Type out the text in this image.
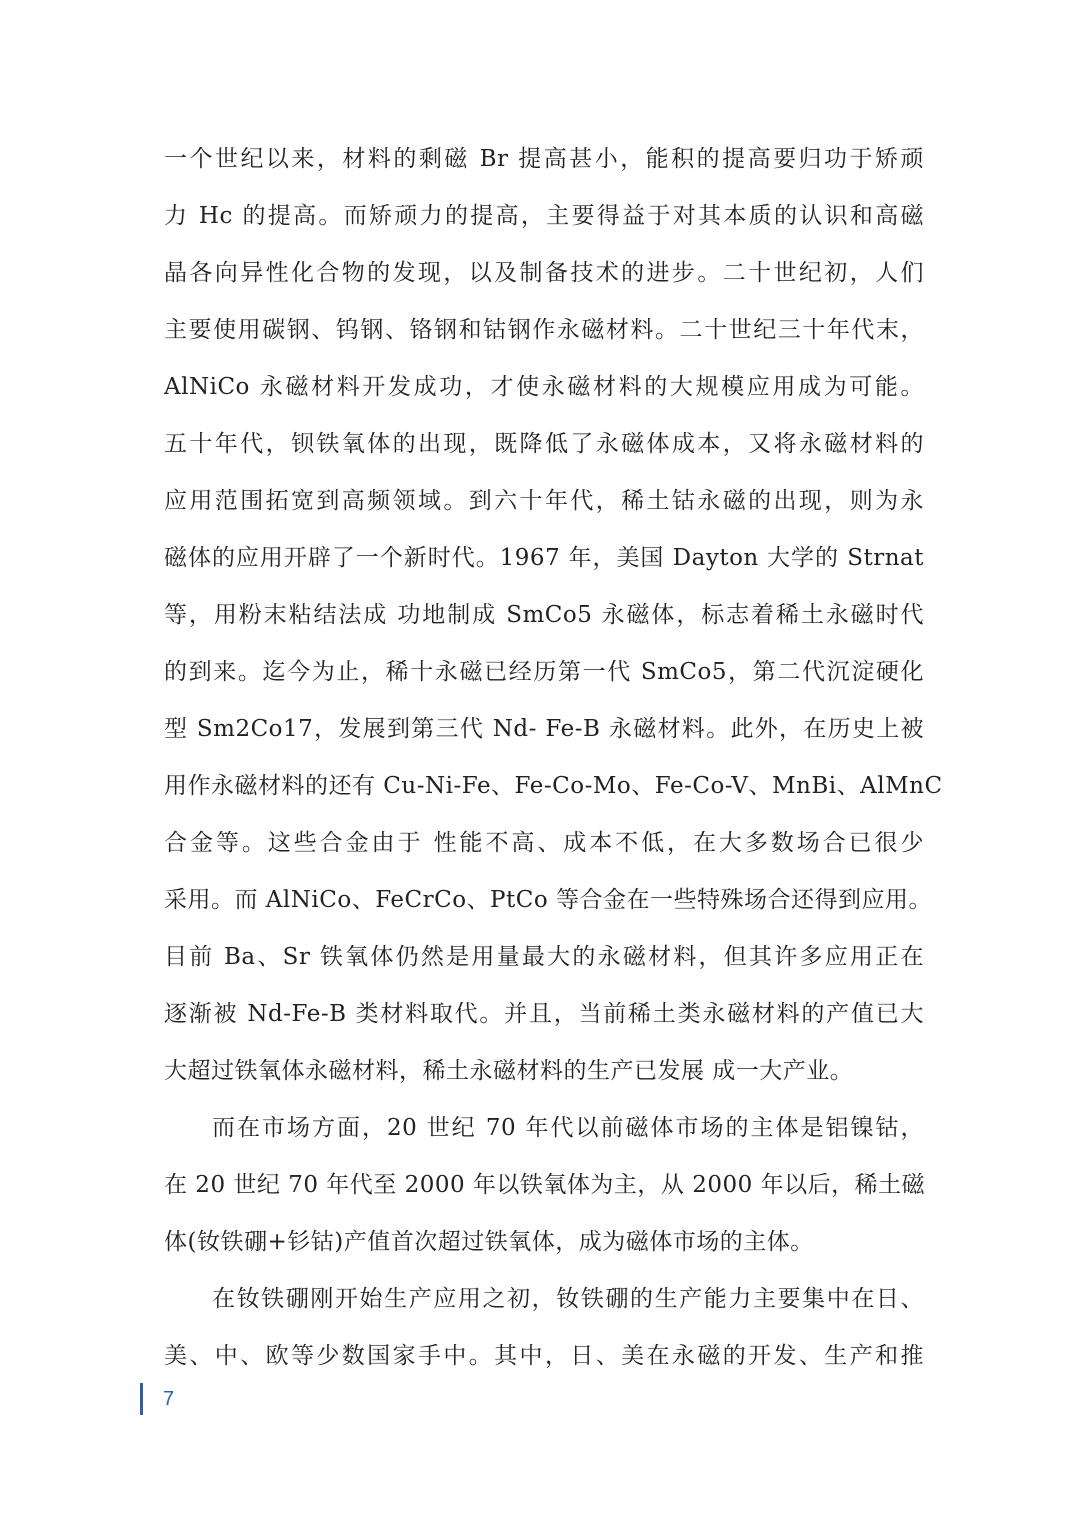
一个世纪以来，材料的剩磁 Br 提高甚小，能积的提高要归功于矫顽
力 Hc 的提高。而矫顽力的提高，主要得益于对其本质的认识和高磁
晶各向异性化合物的发现，以及制备技术的进步。二十世纪初，人们
主要使用碳钢、钨钢、铬钢和钴钢作永磁材料。二十世纪三十年代末，
AlNiCo 永磁材料开发成功，才使永磁材料的大规模应用成为可能。
五十年代，钡铁氧体的出现，既降低了永磁体成本，又将永磁材料的
应用范围拓宽到高频领域。到六十年代，稀土钴永磁的出现，则为永
磁体的应用开辟了一个新时代。1967 年，美国 Dayton 大学的 Strnat
等，用粉末粘结法成 功地制成 SmCo5 永磁体，标志着稀土永磁时代
的到来。迄今为止，稀十永磁已经历第一代 SmCo5，第二代沉淀硬化
型 Sm2Co17，发展到第三代 Nd- Fe-B 永磁材料。此外，在历史上被
用作永磁材料的还有 Cu-Ni-Fe、Fe-Co-Mo、Fe-Co-V、MnBi、AlMnC
合金等。这些合金由于 性能不高、成本不低，在大多数场合已很少
采用。而 AlNiCo、FeCrCo、PtCo 等合金在一些特殊场合还得到应用。
目前 Ba、Sr 铁氧体仍然是用量最大的永磁材料，但其许多应用正在
逐渐被 Nd-Fe-B 类材料取代。并且，当前稀土类永磁材料的产值已大
大超过铁氧体永磁材料，稀土永磁材料的生产已发展 成一大产业。
而在市场方面，20 世纪 70 年代以前磁体市场的主体是铝镍钴，
在 20 世纪 70 年代至 2000 年以铁氧体为主，从 2000 年以后，稀土磁
体(钕铁硼+钐钴)产值首次超过铁氧体，成为磁体市场的主体。
在钕铁硼刚开始生产应用之初，钕铁硼的生产能力主要集中在日、
美、中、欧等少数国家手中。其中，日、美在永磁的开发、生产和推
7
